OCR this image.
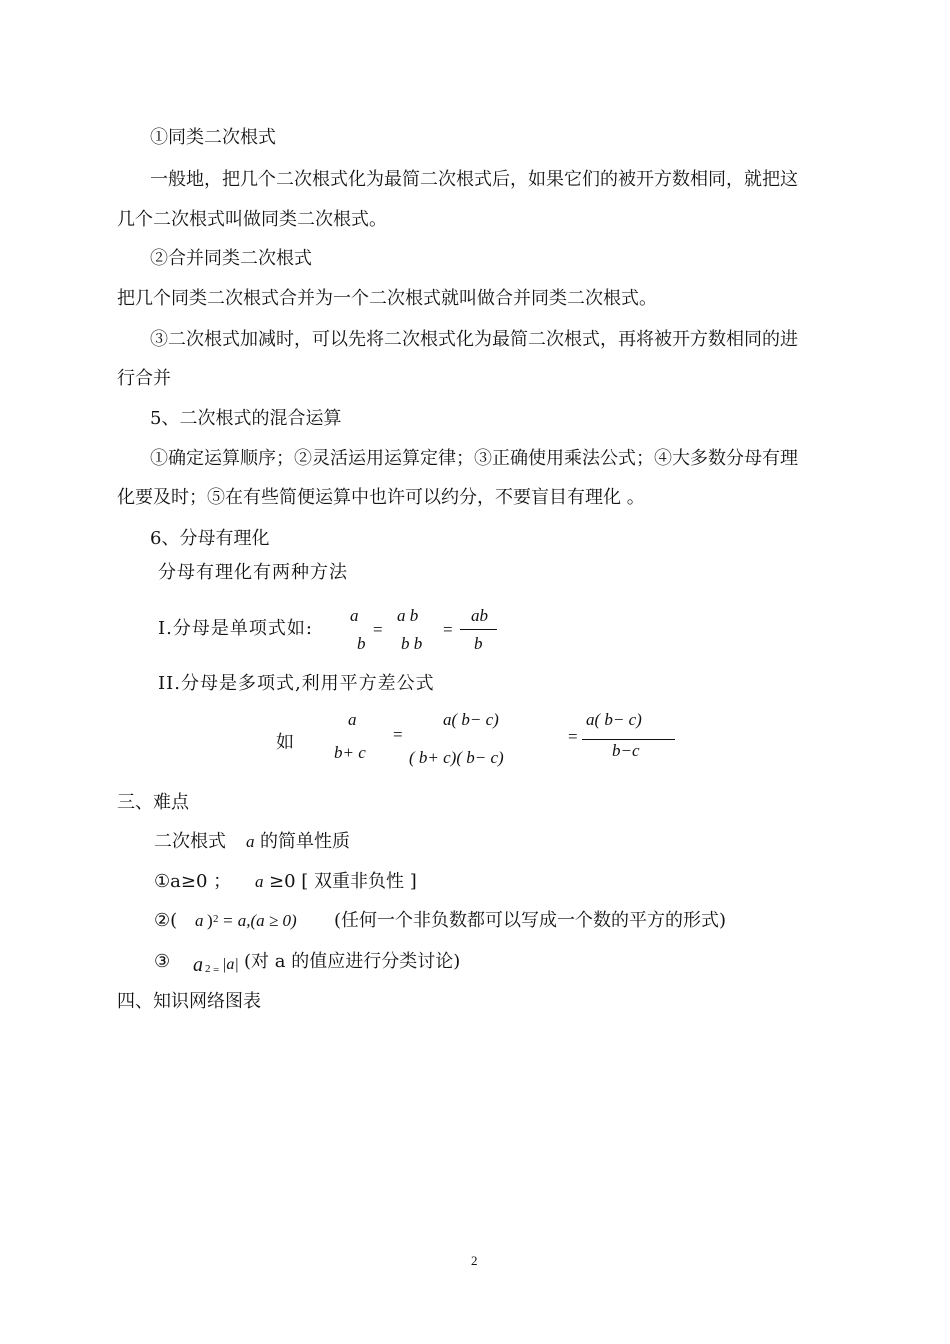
①同类二次根式
一般地，把几个二次根式化为最简二次根式后，如果它们的被开方数相同，就把这
几个二次根式叫做同类二次根式。
②合并同类二次根式
把几个同类二次根式合并为一个二次根式就叫做合并同类二次根式。
③二次根式加减时，可以先将二次根式化为最简二次根式，再将被开方数相同的进
行合并
5、二次根式的混合运算
①确定运算顺序；②灵活运用运算定律；③正确使用乘法公式；④大多数分母有理
化要及时；⑤在有些简便运算中也许可以约分，不要盲目有理化 。
6、分母有理化
分母有理化有两种方法
I.分母是单项式如:
a
b
=
a b
b b
=
ab
b
II.分母是多项式,利用平方差公式
如
a
b+ c
=
a( b− c)
( b+ c)( b− c)
=
a( b− c)
b−c
三、难点
二次根式 a 的简单性质
①a≥0 ； a ≥0 [ 双重非负性 ]
②( a ) 2 = a,(a ≥ 0) (任何一个非负数都可以写成一个数的平方的形式)
③ a 2 = |a| (对 a 的值应进行分类讨论)
四、知识网络图表
2
